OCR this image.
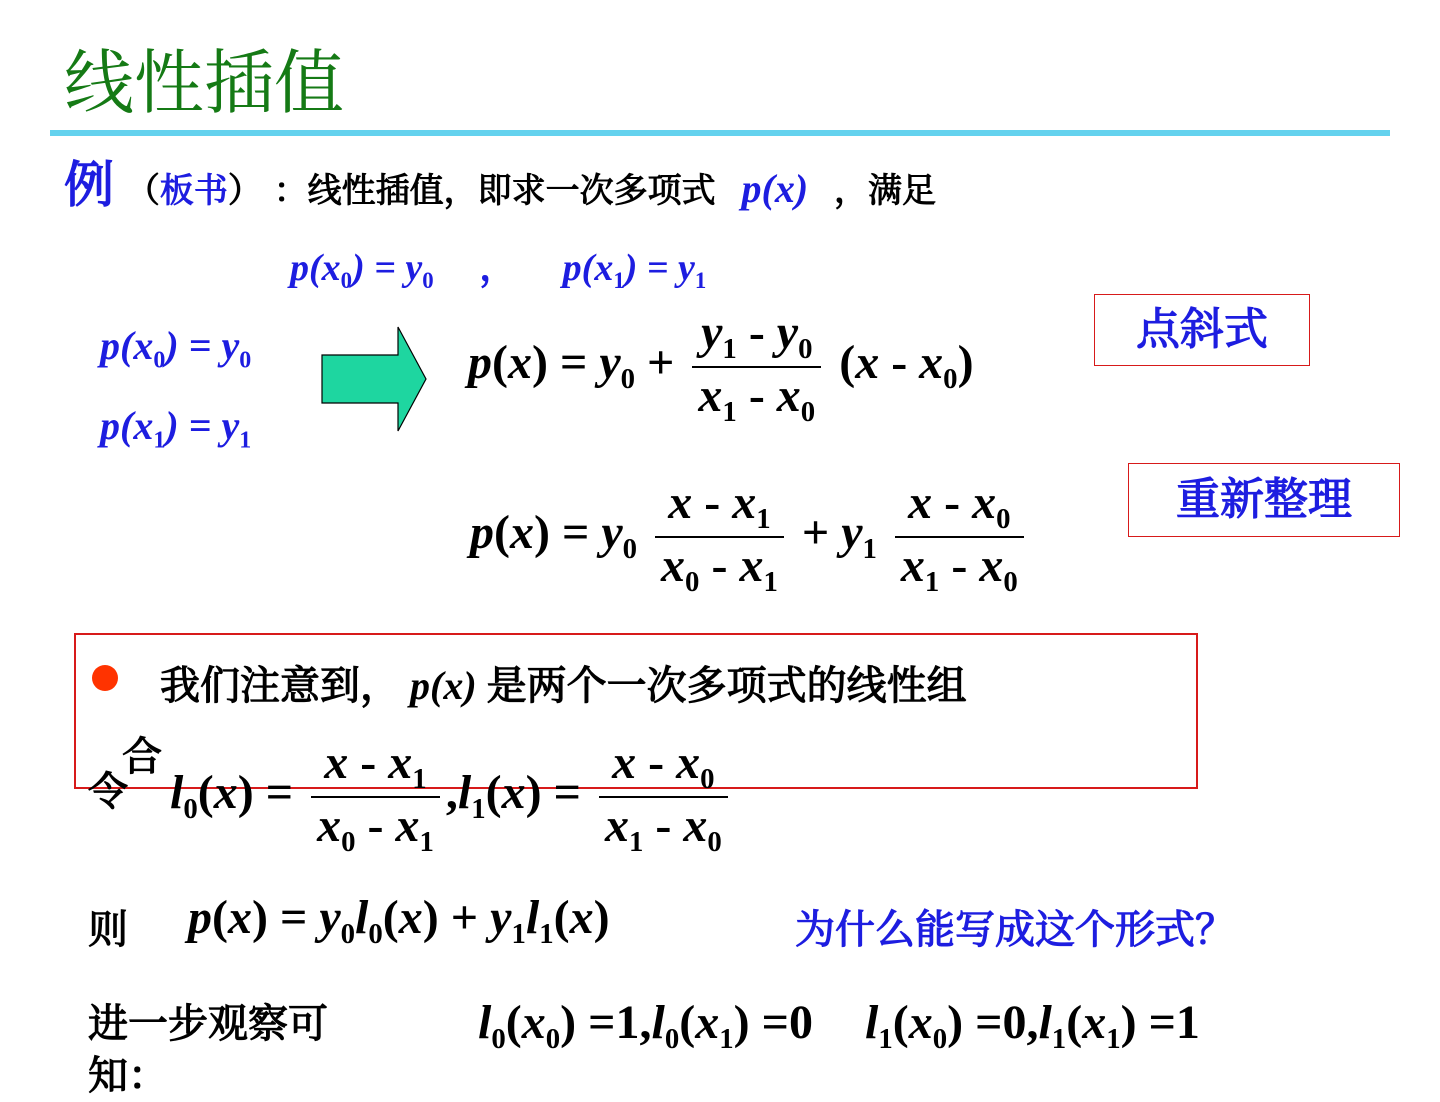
线性插值
例 （板书） ：线性插值，即求一次多项式 p(x) ，满足
$p(x_0) = y_0$ ， $p(x_1) = y_1$
$p(x_0) = y_0$
$p(x_1) = y_1$
$p(x) = y_0 + \frac{y_1 - y_0}{x_1 - x_0} (x - x_0)$
点斜式
$p(x) = y_0 \frac{x - x_1}{x_0 - x_1} + y_1 \frac{x - x_0}{x_1 - x_0}$	重新整理
我们注意到， p(x) 是两个一次多项式的线性组
合
令 $l_0(x) = \frac{x - x_1}{x_0 - x_1} ,l_1(x) = \frac{x - x_0}{x_1 - x_0}$
则 $p(x) = y_0l_0(x) + y_1l_1(x)$	为什么能写成这个形式？
进一步观察可知：
$l_0(x_0) =1,l_0(x_1) =0$ $l_1(x_0) =0,l_1(x_1) =1$
